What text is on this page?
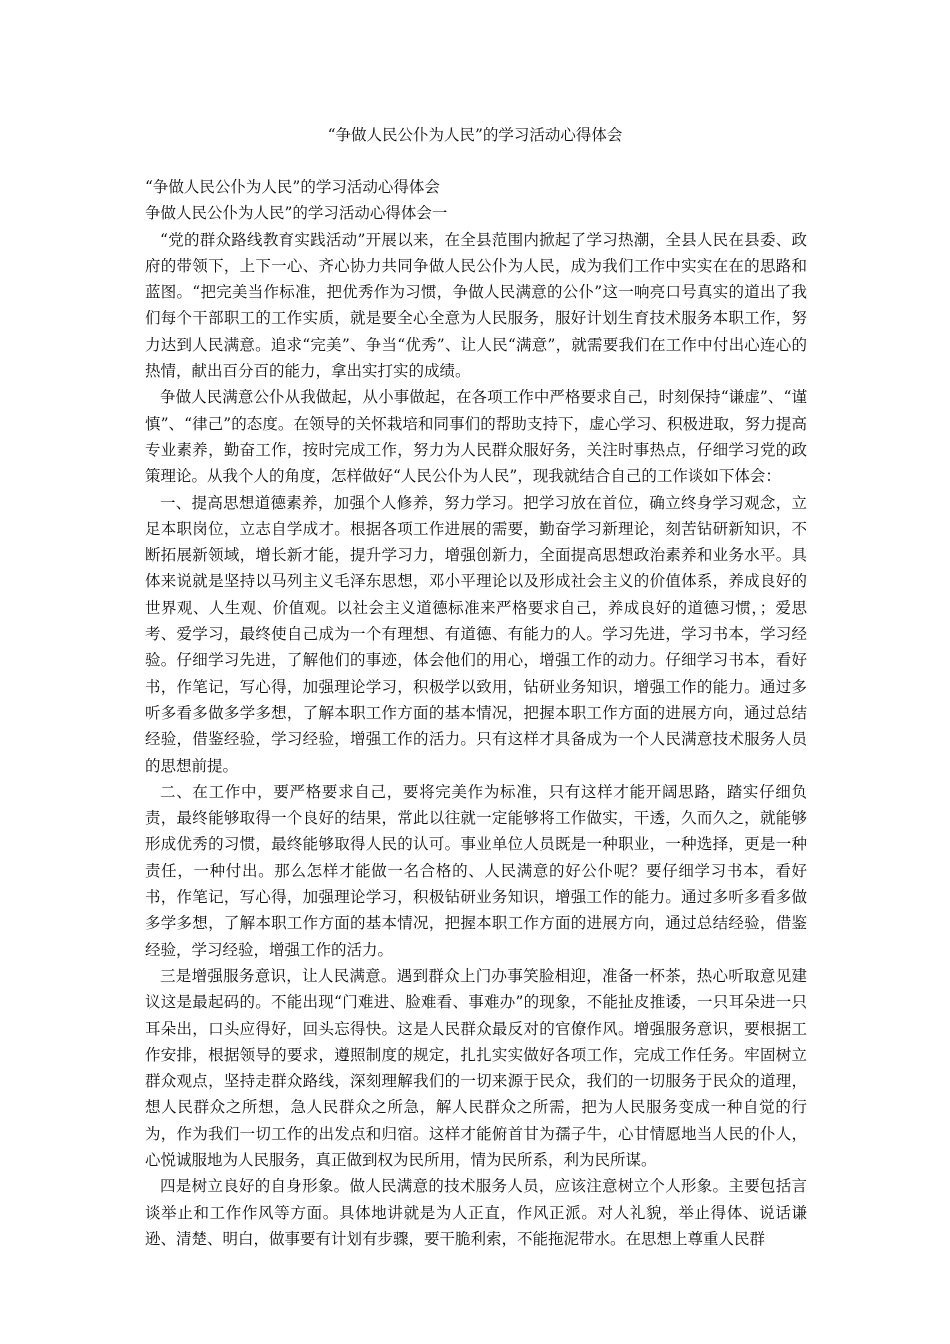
“争做人民公仆为人民”的学习活动心得体会

“争做人民公仆为人民”的学习活动心得体会

争做人民公仆为人民”的学习活动心得体会一

“党的群众路线教育实践活动”开展以来，在全县范围内掀起了学习热潮，全县人民在县委、政府的带领下，上下一心、齐心协力共同争做人民公仆为人民，成为我们工作中实实在在的思路和蓝图。“把完美当作标准，把优秀作为习惯，争做人民满意的公仆”这一响亮口号真实的道出了我们每个干部职工的工作实质，就是要全心全意为人民服务，服好计划生育技术服务本职工作，努力达到人民满意。追求“完美”、争当“优秀”、让人民“满意”，就需要我们在工作中付出心连心的热情，献出百分百的能力，拿出实打实的成绩。

争做人民满意公仆从我做起，从小事做起，在各项工作中严格要求自己，时刻保持“谦虚”、“谨慎”、“律己”的态度。在领导的关怀栽培和同事们的帮助支持下，虚心学习、积极进取，努力提高专业素养，勤奋工作，按时完成工作，努力为人民群众服好务，关注时事热点，仔细学习党的政策理论。从我个人的角度，怎样做好“人民公仆为人民”，现我就结合自己的工作谈如下体会：

一、提高思想道德素养，加强个人修养，努力学习。把学习放在首位，确立终身学习观念，立足本职岗位，立志自学成才。根据各项工作进展的需要，勤奋学习新理论，刻苦钻研新知识，不断拓展新领域，增长新才能，提升学习力，增强创新力，全面提高思想政治素养和业务水平。具体来说就是坚持以马列主义毛泽东思想，邓小平理论以及形成社会主义的价值体系，养成良好的世界观、人生观、价值观。以社会主义道德标准来严格要求自己，养成良好的道德习惯，；爱思考、爱学习，最终使自己成为一个有理想、有道德、有能力的人。学习先进，学习书本，学习经验。仔细学习先进，了解他们的事迹，体会他们的用心，增强工作的动力。仔细学习书本，看好书，作笔记，写心得，加强理论学习，积极学以致用，钻研业务知识，增强工作的能力。通过多听多看多做多学多想，了解本职工作方面的基本情况，把握本职工作方面的进展方向，通过总结经验，借鉴经验，学习经验，增强工作的活力。只有这样才具备成为一个人民满意技术服务人员的思想前提。

二、在工作中，要严格要求自己，要将完美作为标准，只有这样才能开阔思路，踏实仔细负责，最终能够取得一个良好的结果，常此以往就一定能够将工作做实，干透，久而久之，就能够形成优秀的习惯，最终能够取得人民的认可。事业单位人员既是一种职业，一种选择，更是一种责任，一种付出。那么怎样才能做一名合格的、人民满意的好公仆呢？要仔细学习书本，看好书，作笔记，写心得，加强理论学习，积极钻研业务知识，增强工作的能力。通过多听多看多做多学多想，了解本职工作方面的基本情况，把握本职工作方面的进展方向，通过总结经验，借鉴经验，学习经验，增强工作的活力。

三是增强服务意识，让人民满意。遇到群众上门办事笑脸相迎，准备一杯茶，热心听取意见建议这是最起码的。不能出现“门难进、脸难看、事难办”的现象，不能扯皮推诿，一只耳朵进一只耳朵出，口头应得好，回头忘得快。这是人民群众最反对的官僚作风。增强服务意识，要根据工作安排，根据领导的要求，遵照制度的规定，扎扎实实做好各项工作，完成工作任务。牢固树立群众观点，坚持走群众路线，深刻理解我们的一切来源于民众，我们的一切服务于民众的道理，想人民群众之所想，急人民群众之所急，解人民群众之所需，把为人民服务变成一种自觉的行为，作为我们一切工作的出发点和归宿。这样才能俯首甘为孺子牛，心甘情愿地当人民的仆人，心悦诚服地为人民服务，真正做到权为民所用，情为民所系，利为民所谋。

四是树立良好的自身形象。做人民满意的技术服务人员，应该注意树立个人形象。主要包括言谈举止和工作作风等方面。具体地讲就是为人正直，作风正派。对人礼貌，举止得体、说话谦逊、清楚、明白，做事要有计划有步骤，要干脆利索，不能拖泥带水。在思想上尊重人民群
